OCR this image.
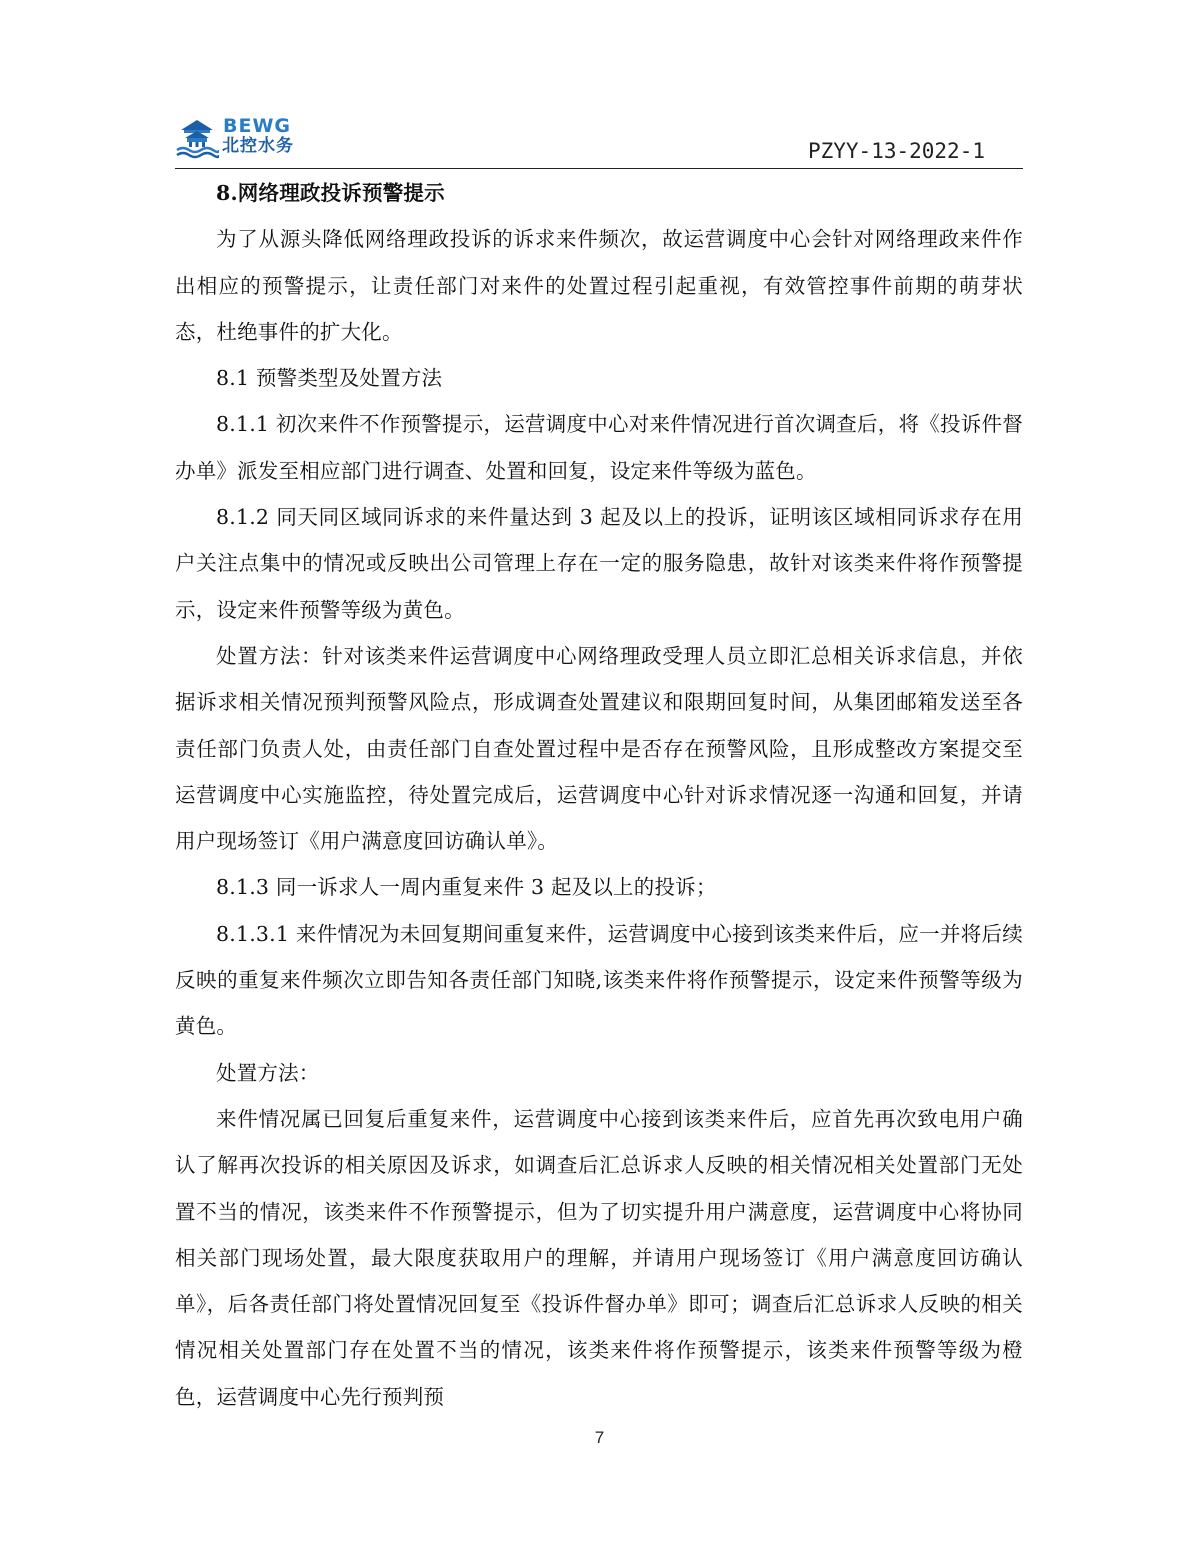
BEWG
北控水务	PZYY-13-2022-1

8.网络理政投诉预警提示

为了从源头降低网络理政投诉的诉求来件频次，故运营调度中心会针对网络理政来件作出相应的预警提示，让责任部门对来件的处置过程引起重视，有效管控事件前期的萌芽状态，杜绝事件的扩大化。

8.1 预警类型及处置方法

8.1.1 初次来件不作预警提示，运营调度中心对来件情况进行首次调查后，将《投诉件督办单》派发至相应部门进行调查、处置和回复，设定来件等级为蓝色。

8.1.2 同天同区域同诉求的来件量达到 3 起及以上的投诉，证明该区域相同诉求存在用户关注点集中的情况或反映出公司管理上存在一定的服务隐患，故针对该类来件将作预警提示，设定来件预警等级为黄色。

处置方法：针对该类来件运营调度中心网络理政受理人员立即汇总相关诉求信息，并依据诉求相关情况预判预警风险点，形成调查处置建议和限期回复时间，从集团邮箱发送至各责任部门负责人处，由责任部门自查处置过程中是否存在预警风险，且形成整改方案提交至运营调度中心实施监控，待处置完成后，运营调度中心针对诉求情况逐一沟通和回复，并请用户现场签订《用户满意度回访确认单》。

8.1.3 同一诉求人一周内重复来件 3 起及以上的投诉；

8.1.3.1 来件情况为未回复期间重复来件，运营调度中心接到该类来件后，应一并将后续反映的重复来件频次立即告知各责任部门知晓,该类来件将作预警提示，设定来件预警等级为黄色。

处置方法：

来件情况属已回复后重复来件，运营调度中心接到该类来件后，应首先再次致电用户确认了解再次投诉的相关原因及诉求，如调查后汇总诉求人反映的相关情况相关处置部门无处置不当的情况，该类来件不作预警提示，但为了切实提升用户满意度，运营调度中心将协同相关部门现场处置，最大限度获取用户的理解，并请用户现场签订《用户满意度回访确认单》，后各责任部门将处置情况回复至《投诉件督办单》即可；调查后汇总诉求人反映的相关情况相关处置部门存在处置不当的情况，该类来件将作预警提示，该类来件预警等级为橙色，运营调度中心先行预判预

7
